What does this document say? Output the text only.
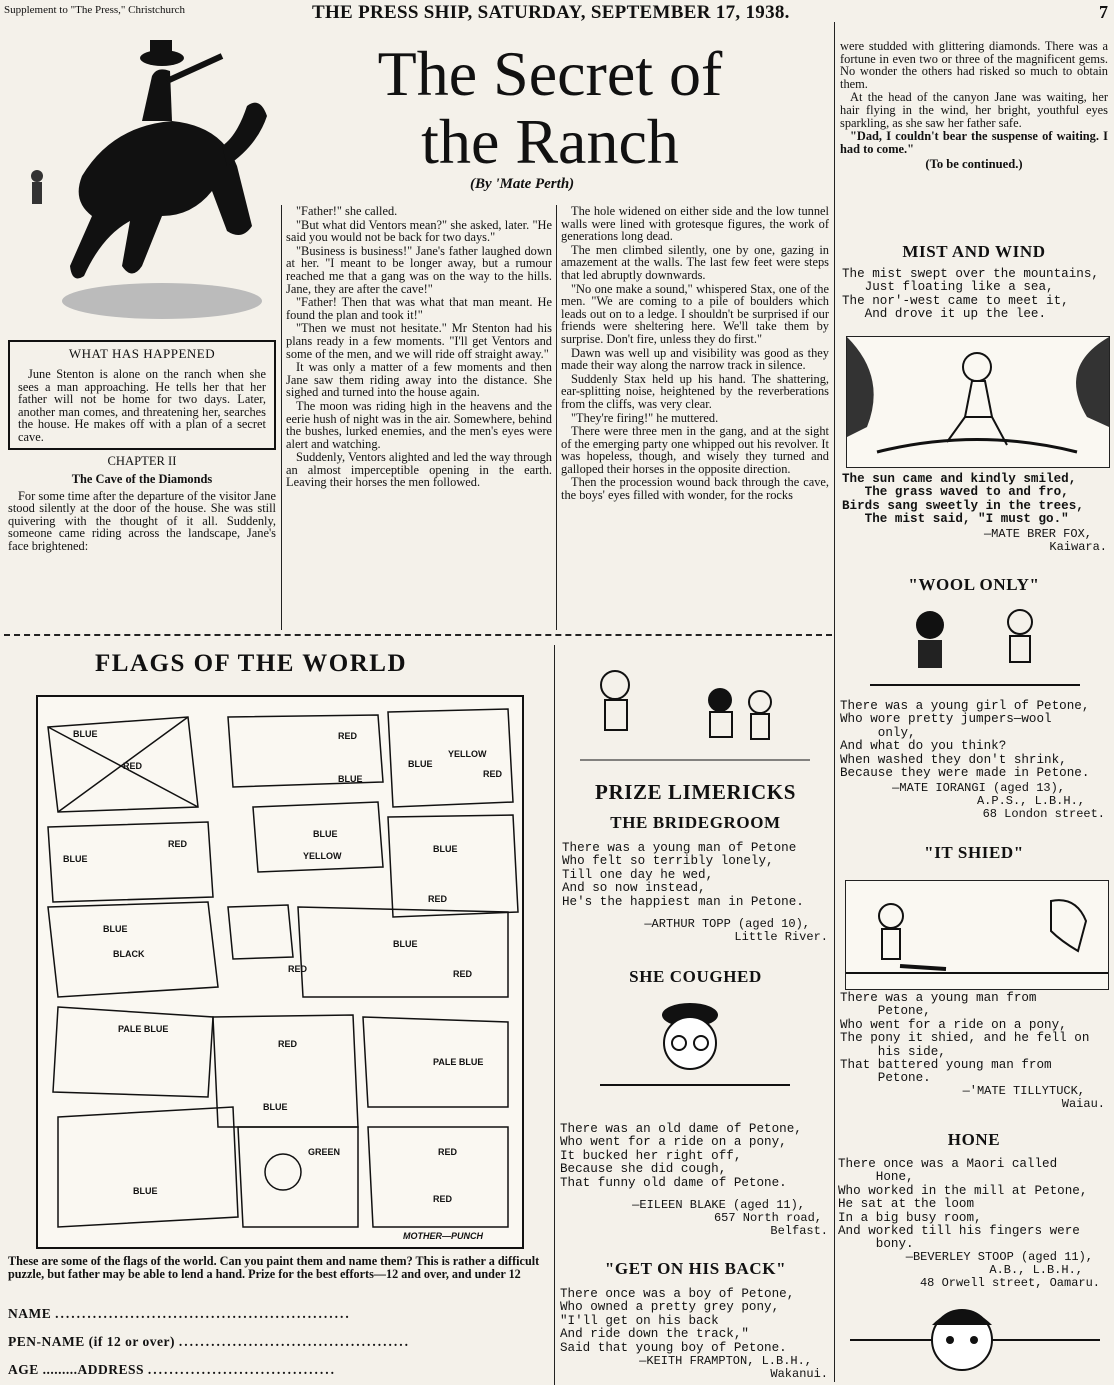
Supplement to "The Press," Christchurch	THE PRESS SHIP, SATURDAY, SEPTEMBER 17, 1938.	7
The Secret of
the Ranch
(By 'Mate Perth)
WHAT HAS HAPPENED

June Stenton is alone on the ranch when she sees a man approaching. He tells her that her father will not be home for two days. Later, another man comes, and threatening her, searches the house. He makes off with a plan of a secret cave.

CHAPTER II
The Cave of the Diamonds

For some time after the departure of the visitor Jane stood silently at the door of the house. She was still quivering with the thought of it all. Suddenly, someone came riding across the landscape, Jane's face brightened:

"Father!" she called.

"But what did Ventors mean?" she asked, later. "He said you would not be back for two days."

"Business is business!" Jane's father laughed down at her. "I meant to be longer away, but a rumour reached me that a gang was on the way to the hills. Jane, they are after the cave!"

"Father! Then that was what that man meant. He found the plan and took it!"

"Then we must not hesitate." Mr Stenton had his plans ready in a few moments. "I'll get Ventors and some of the men, and we will ride off straight away."

It was only a matter of a few moments and then Jane saw them riding away into the distance. She sighed and turned into the house again.

The moon was riding high in the heavens and the eerie hush of night was in the air. Somewhere, behind the bushes, lurked enemies, and the men's eyes were alert and watching.

Suddenly, Ventors alighted and led the way through an almost imperceptible opening in the earth. Leaving their horses the men followed.

The hole widened on either side and the low tunnel walls were lined with grotesque figures, the work of generations long dead.

The men climbed silently, one by one, gazing in amazement at the walls. The last few feet were steps that led abruptly downwards.

"No one make a sound," whispered Stax, one of the men. "We are coming to a pile of boulders which leads out on to a ledge. I shouldn't be surprised if our friends were sheltering here. We'll take them by surprise. Don't fire, unless they do first."

Dawn was well up and visibility was good as they made their way along the narrow track in silence.

Suddenly Stax held up his hand. The shattering, ear-splitting noise, heightened by the reverberations from the cliffs, was very clear.

"They're firing!" he muttered.

There were three men in the gang, and at the sight of the emerging party one whipped out his revolver. It was hopeless, though, and wisely they turned and galloped their horses in the opposite direction.

Then the procession wound back through the cave, the boys' eyes filled with wonder, for the rocks

were studded with glittering diamonds. There was a fortune in even two or three of the magnificent gems. No wonder the others had risked so much to obtain them.

At the head of the canyon Jane was waiting, her hair flying in the wind, her bright, youthful eyes sparkling, as she saw her father safe.

"Dad, I couldn't bear the suspense of waiting. I had to come."

(To be continued.)
MIST AND WIND
The mist swept over the mountains,
Just floating like a sea,
The nor'-west came to meet it,
And drove it up the lee.
The sun came and kindly smiled,
The grass waved to and fro,
Birds sang sweetly in the trees,
The mist said, "I must go."
—MATE BRER FOX,
Kaiwara.
"WOOL ONLY"
There was a young girl of Petone,
Who wore pretty jumpers—wool
only,
And what do you think?
When washed they don't shrink,
Because they were made in Petone.
—MATE IORANGI (aged 13),
A.P.S., L.B.H.,
68 London street.
"IT SHIED"
There was a young man from
Petone,
Who went for a ride on a pony,
The pony it shied, and he fell on
his side,
That battered young man from
Petone.
—'MATE TILLYTUCK,
Waiau.
HONE
There once was a Maori called
Hone,
Who worked in the mill at Petone,
He sat at the loom
In a big busy room,
And worked till his fingers were
bony.
—BEVERLEY STOOP (aged 11),
A.B., L.B.H.,
48 Orwell street, Oamaru.
FLAGS OF THE WORLD
BLUE
RED
RED
BLUE
BLUE
YELLOW
RED
BLUE
RED
BLUE
YELLOW
BLUE
RED
BLUE
BLACK
RED
BLUE
RED
PALE BLUE
RED
PALE BLUE
BLUE
BLUE
GREEN	RED
RED
MOTHER—PUNCH
These are some of the flags of the world. Can you paint them and name them? This is rather a difficult puzzle, but father may be able to lend a hand. Prize for the best efforts—12 and over, and under 12
NAME .......................................................
PEN-NAME (if 12 or over) ...........................................
AGE .........ADDRESS ...................................
PRIZE LIMERICKS
THE BRIDEGROOM
There was a young man of Petone
Who felt so terribly lonely,
Till one day he wed,
And so now instead,
He's the happiest man in Petone.
—ARTHUR TOPP (aged 10),
Little River.
SHE COUGHED
There was an old dame of Petone,
Who went for a ride on a pony,
It bucked her right off,
Because she did cough,
That funny old dame of Petone.
—EILEEN BLAKE (aged 11),
657 North road,
Belfast.
"GET ON HIS BACK"
There once was a boy of Petone,
Who owned a pretty grey pony,
"I'll get on his back
And ride down the track,"
Said that young boy of Petone.
—KEITH FRAMPTON, L.B.H.,
Wakanui.
